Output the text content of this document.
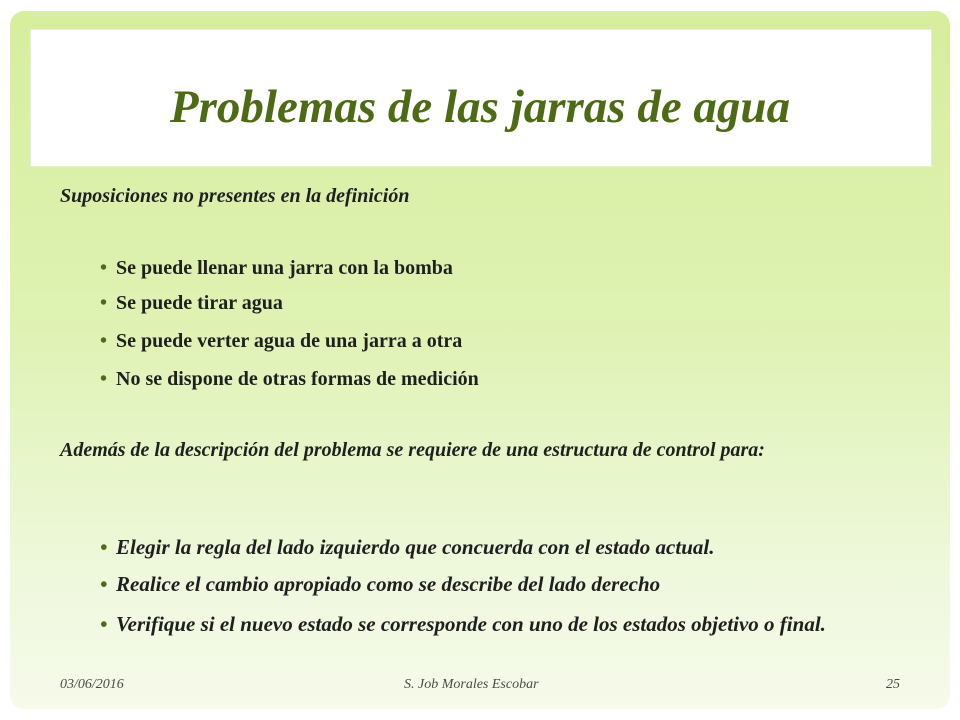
Problemas de las jarras de agua
Suposiciones no presentes en la definición
• Se puede llenar una jarra con la bomba
• Se puede tirar agua
• Se puede verter agua de una jarra a otra
• No se dispone de otras formas de medición
Además de la descripción del problema se requiere de una estructura de control para:
• Elegir la regla del lado izquierdo que concuerda con el estado actual.
• Realice el cambio apropiado como se describe del lado derecho
• Verifique si el nuevo estado se corresponde con uno de los estados objetivo o final.
03/06/2016	S. Job Morales Escobar	25
